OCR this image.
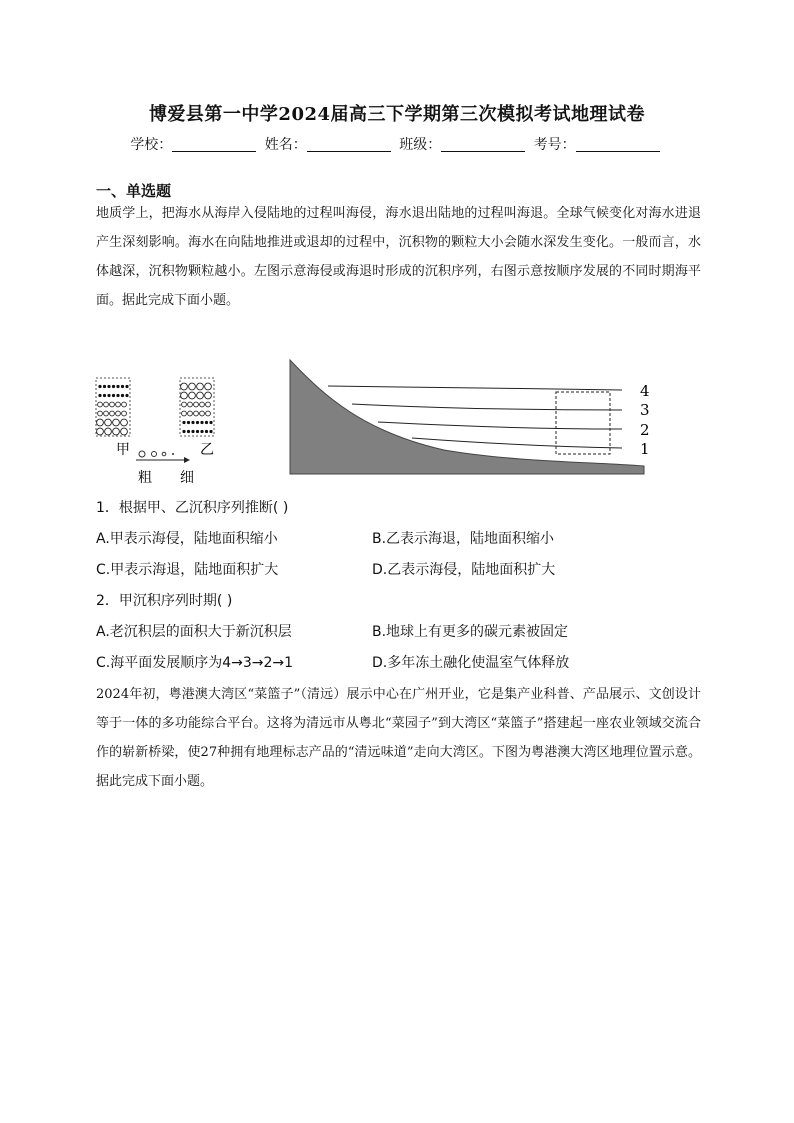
博爱县第一中学2024届高三下学期第三次模拟考试地理试卷
学校：	姓名：	班级：	考号：
一、单选题
地质学上，把海水从海岸入侵陆地的过程叫海侵，海水退出陆地的过程叫海退。全球气候变化对海水进退产生深刻影响。海水在向陆地推进或退却的过程中，沉积物的颗粒大小会随水深发生变化。一般而言，水体越深，沉积物颗粒越小。左图示意海侵或海退时形成的沉积序列，右图示意按顺序发展的不同时期海平面。据此完成下面小题。
甲	乙
粗 细
4
3
2
1
1．根据甲、乙沉积序列推断( )
A.甲表示海侵，陆地面积缩小	B.乙表示海退，陆地面积缩小
C.甲表示海退，陆地面积扩大	D.乙表示海侵，陆地面积扩大
2．甲沉积序列时期( )
A.老沉积层的面积大于新沉积层	B.地球上有更多的碳元素被固定
C.海平面发展顺序为4→3→2→1	D.多年冻土融化使温室气体释放
2024年初，粤港澳大湾区“菜篮子”（清远）展示中心在广州开业，它是集产业科普、产品展示、文创设计等于一体的多功能综合平台。这将为清远市从粤北“菜园子”到大湾区“菜篮子”搭建起一座农业领域交流合作的崭新桥梁，使27种拥有地理标志产品的“清远味道”走向大湾区。下图为粤港澳大湾区地理位置示意。据此完成下面小题。
